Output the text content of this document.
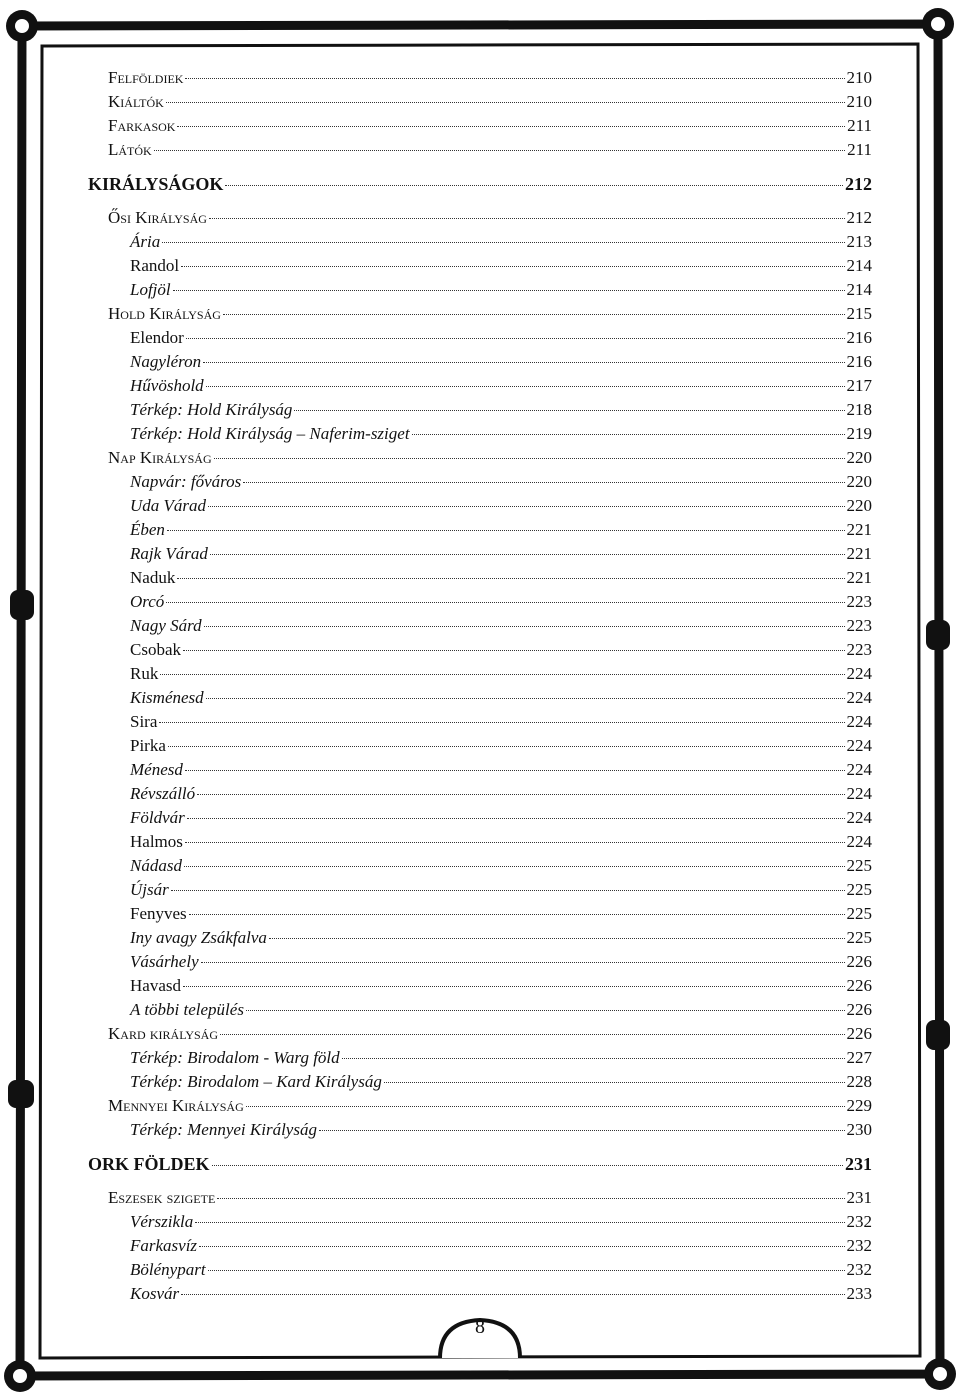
Felföldiek	210
Kiáltók	210
Farkasok	211
Látók	211
KIRÁLYSÁGOK	212
Ősi Királyság	212
Ária	213
Randol	214
Lofjöl	214
Hold Királyság	215
Elendor	216
Nagyléron	216
Hűvöshold	217
Térkép: Hold Királyság	218
Térkép: Hold Királyság – Naferim-sziget	219
Nap Királyság	220
Napvár: főváros	220
Uda Várad	220
Ében	221
Rajk Várad	221
Naduk	221
Orcó	223
Nagy Sárd	223
Csobak	223
Ruk	224
Kisménesd	224
Sira	224
Pirka	224
Ménesd	224
Révszálló	224
Földvár	224
Halmos	224
Nádasd	225
Újsár	225
Fenyves	225
Iny avagy Zsákfalva	225
Vásárhely	226
Havasd	226
A többi település	226
Kard királyság	226
Térkép: Birodalom - Warg föld	227
Térkép: Birodalom – Kard Királyság	228
Mennyei Királyság	229
Térkép: Mennyei Királyság	230
ORK FÖLDEK	231
Eszesek szigete	231
Vérszikla	232
Farkasvíz	232
Bölénypart	232
Kosvár	233
8
